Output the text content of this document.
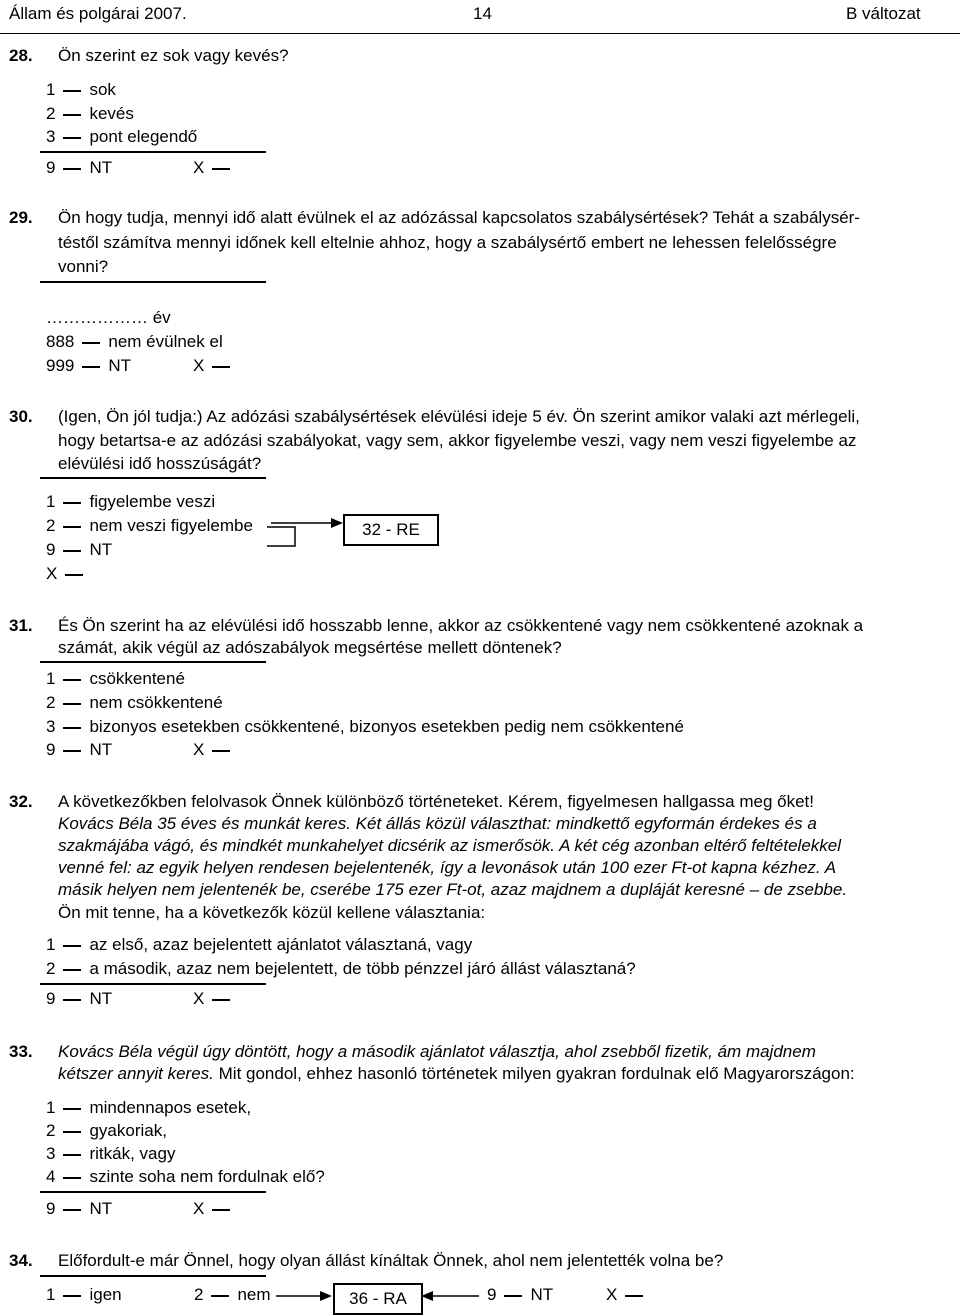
Állam és polgárai 2007.	14	B változat
28. Ön szerint ez sok vagy kevés?
1 sok
2 kevés
3 pont elegendő
9 NT	X
29. Ön hogy tudja, mennyi idő alatt évülnek el az adózással kapcsolatos szabálysértések? Tehát a szabálysér-
téstől számítva mennyi időnek kell eltelnie ahhoz, hogy a szabálysértő embert ne lehessen felelősségre
vonni?
……………… év
888 nem évülnek el
999 NT	X
30. (Igen, Ön jól tudja:) Az adózási szabálysértések elévülési ideje 5 év. Ön szerint amikor valaki azt mérlegeli,
hogy betartsa-e az adózási szabályokat, vagy sem, akkor figyelembe veszi, vagy nem veszi figyelembe az
elévülési idő hosszúságát?
1 figyelembe veszi
2 nem veszi figyelembe
9 NT
X
32 - RE
31. És Ön szerint ha az elévülési idő hosszabb lenne, akkor az csökkentené vagy nem csökkentené azoknak a
számát, akik végül az adószabályok megsértése mellett döntenek?
1 csökkentené
2 nem csökkentené
3 bizonyos esetekben csökkentené, bizonyos esetekben pedig nem csökkentené
9 NT	X
32. A következőkben felolvasok Önnek különböző történeteket. Kérem, figyelmesen hallgassa meg őket!
Kovács Béla 35 éves és munkát keres. Két állás közül választhat: mindkettő egyformán érdekes és a
szakmájába vágó, és mindkét munkahelyet dicsérik az ismerősök. A két cég azonban eltérő feltételekkel
venné fel: az egyik helyen rendesen bejelentenék, így a levonások után 100 ezer Ft-ot kapna kézhez. A
másik helyen nem jelentenék be, cserébe 175 ezer Ft-ot, azaz majdnem a dupláját keresné – de zsebbe.
Ön mit tenne, ha a következők közül kellene választania:
1 az első, azaz bejelentett ajánlatot választaná, vagy
2 a második, azaz nem bejelentett, de több pénzzel járó állást választaná?
9 NT	X
33. Kovács Béla végül úgy döntött, hogy a második ajánlatot választja, ahol zsebből fizetik, ám majdnem
kétszer annyit keres. Mit gondol, ehhez hasonló történetek milyen gyakran fordulnak elő Magyarországon:
1 mindennapos esetek,
2 gyakoriak,
3 ritkák, vagy
4 szinte soha nem fordulnak elő?
9 NT	X
34. Előfordult-e már Önnel, hogy olyan állást kínáltak Önnek, ahol nem jelentették volna be?
1 igen	2 nem	36 - RA	9 NT	X
